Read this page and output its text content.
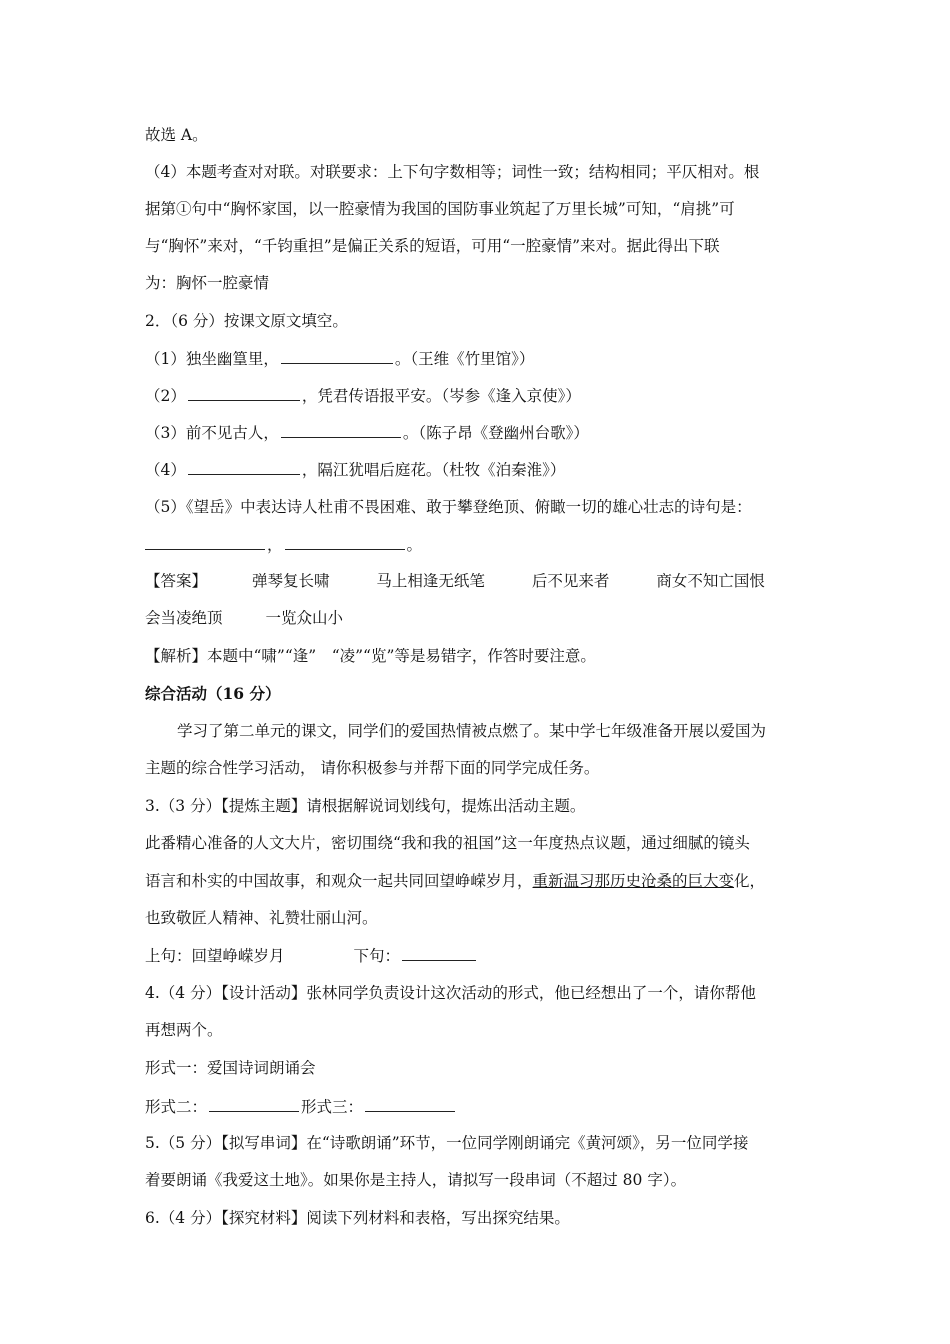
故选 A。
（4）本题考查对对联。对联要求：上下句字数相等；词性一致；结构相同；平仄相对。根
据第①句中“胸怀家国，以一腔豪情为我国的国防事业筑起了万里长城”可知，“肩挑”可
与“胸怀”来对，“千钧重担”是偏正关系的短语，可用“一腔豪情”来对。据此得出下联
为：胸怀一腔豪情
2．（6 分）按课文原文填空。
（1）独坐幽篁里，	。（王维《竹里馆》）
（2）	，凭君传语报平安。（岑参《逢入京使》）
（3）前不见古人，	。（陈子昂《登幽州台歌》）
（4）	，隔江犹唱后庭花。（杜牧《泊秦淮》）
（5）《望岳》中表达诗人杜甫不畏困难、敢于攀登绝顶、俯瞰一切的雄心壮志的诗句是：
，	。
【答案】	弹琴复长啸	马上相逢无纸笔	后不见来者	商女不知亡国恨
会当凌绝顶	一览众山小
【解析】本题中“啸”“逢”　“凌”“览”等是易错字，作答时要注意。
综合活动（16 分）
学习了第二单元的课文，同学们的爱国热情被点燃了。某中学七年级准备开展以爱国为
主题的综合性学习活动， 请你积极参与并帮下面的同学完成任务。
3.（3 分）【提炼主题】请根据解说词划线句，提炼出活动主题。
此番精心准备的人文大片，密切围绕“我和我的祖国”这一年度热点议题，通过细腻的镜头
语言和朴实的中国故事，和观众一起共同回望峥嵘岁月，重新温习那历史沧桑的巨大变化，
也致敬匠人精神、礼赞壮丽山河。
上句：回望峥嵘岁月	下句：
4.（4 分）【设计活动】张林同学负责设计这次活动的形式，他已经想出了一个，请你帮他
再想两个。
形式一：爱国诗词朗诵会
形式二：	形式三：
5.（5 分）【拟写串词】在“诗歌朗诵”环节，一位同学刚朗诵完《黄河颂》，另一位同学接
着要朗诵《我爱这土地》。如果你是主持人，请拟写一段串词（不超过 80 字）。
6.（4 分）【探究材料】阅读下列材料和表格，写出探究结果。
